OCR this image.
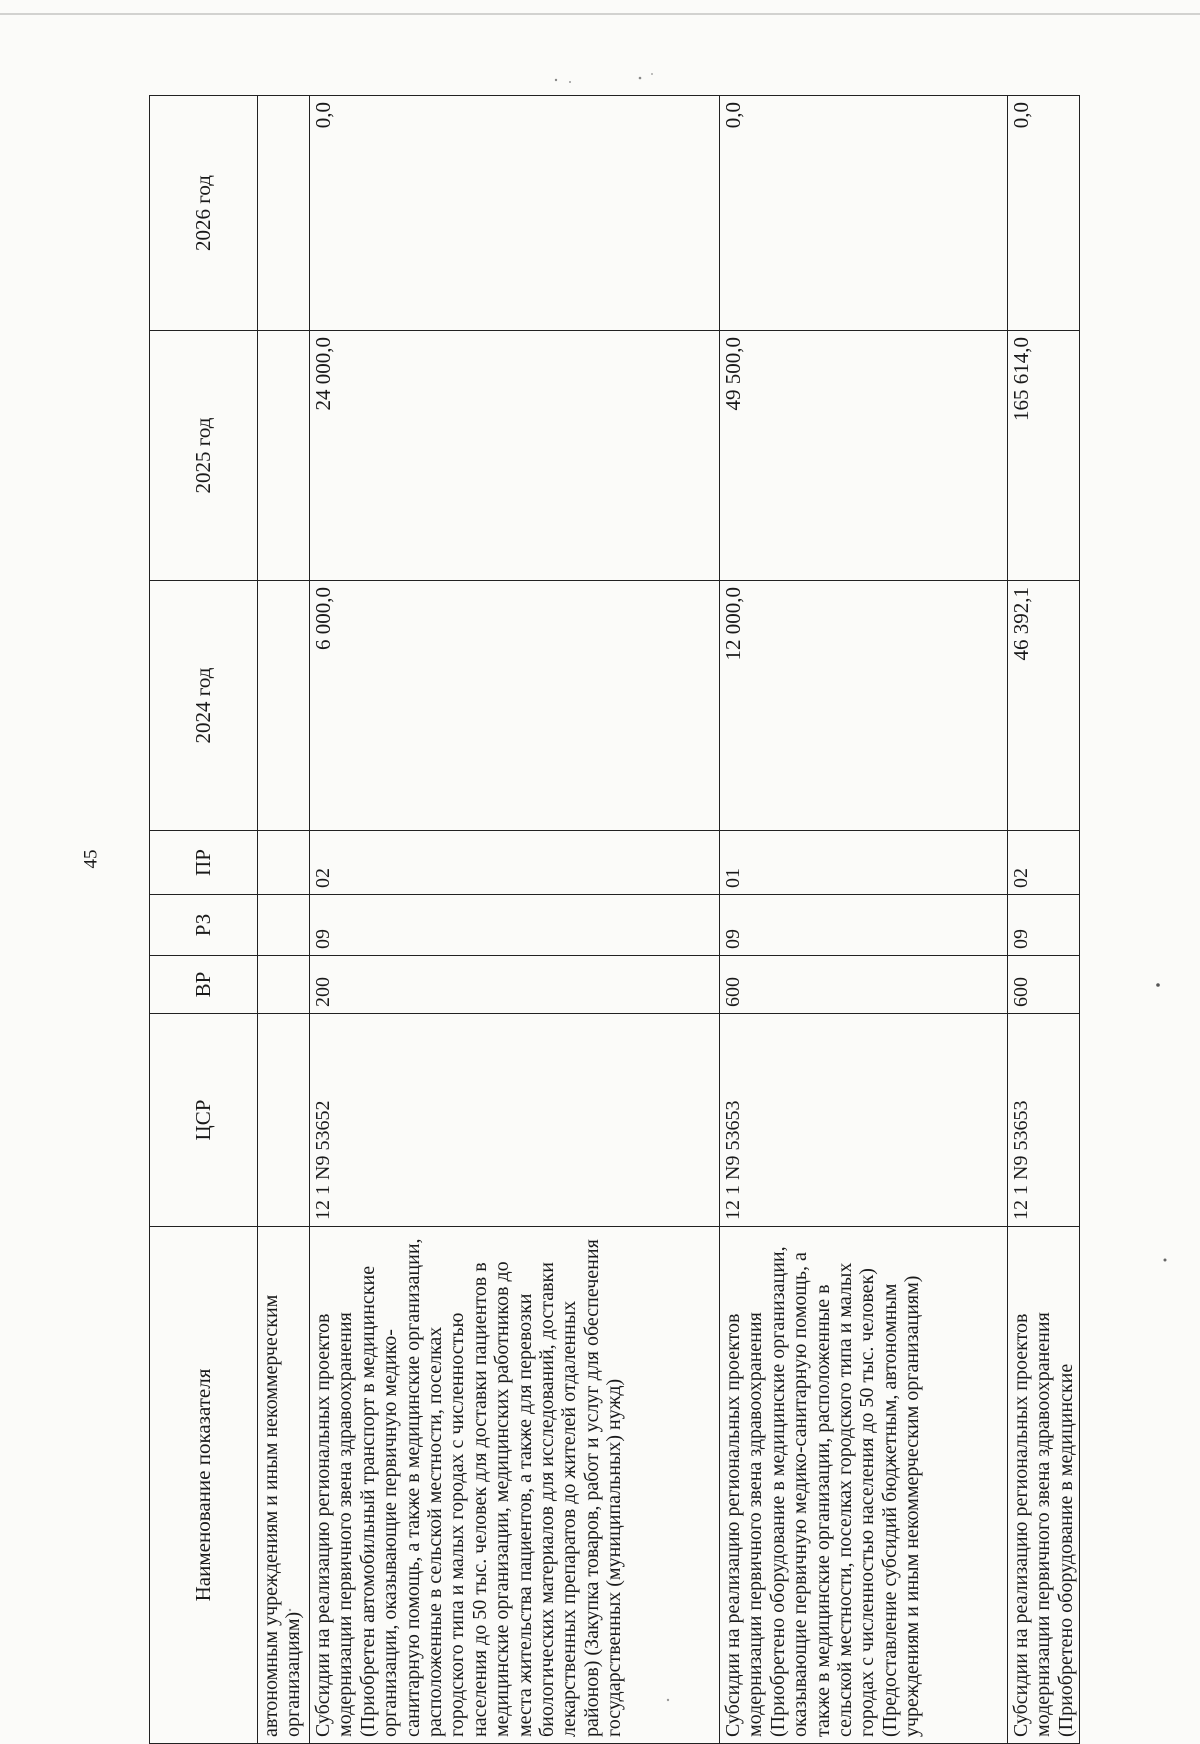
45
Наименование показателя	ЦСР	ВР	РЗ	ПР	2024 год	2025 год	2026 год
автономным учреждениям и иным некоммерческим организациям)							
Субсидии на реализацию региональных проектов модернизации первичного звена здравоохранения (Приобретен автомобильный транспорт в медицинские организации, оказывающие первичную медико-санитарную помощь, а также в медицинские организации, расположенные в сельской местности, поселках городского типа и малых городах с численностью населения до 50 тыс. человек для доставки пациентов в медицинские организации, медицинских работников до места жительства пациентов, а также для перевозки биологических материалов для исследований, доставки лекарственных препаратов до жителей отдаленных районов) (Закупка товаров, работ и услуг для обеспечения государственных (муниципальных) нужд)	12 1 N9 53652	200	09	02	6 000,0	24 000,0	0,0
Субсидии на реализацию региональных проектов модернизации первичного звена здравоохранения (Приобретено оборудование в медицинские организации, оказывающие первичную медико-санитарную помощь, а также в медицинские организации, расположенные в сельской местности, поселках городского типа и малых городах с численностью населения до 50 тыс. человек) (Предоставление субсидий бюджетным, автономным учреждениям и иным некоммерческим организациям)	12 1 N9 53653	600	09	01	12 000,0	49 500,0	0,0
Субсидии на реализацию региональных проектов модернизации первичного звена здравоохранения (Приобретено оборудование в медицинские	12 1 N9 53653	600	09	02	46 392,1	165 614,0	0,0
